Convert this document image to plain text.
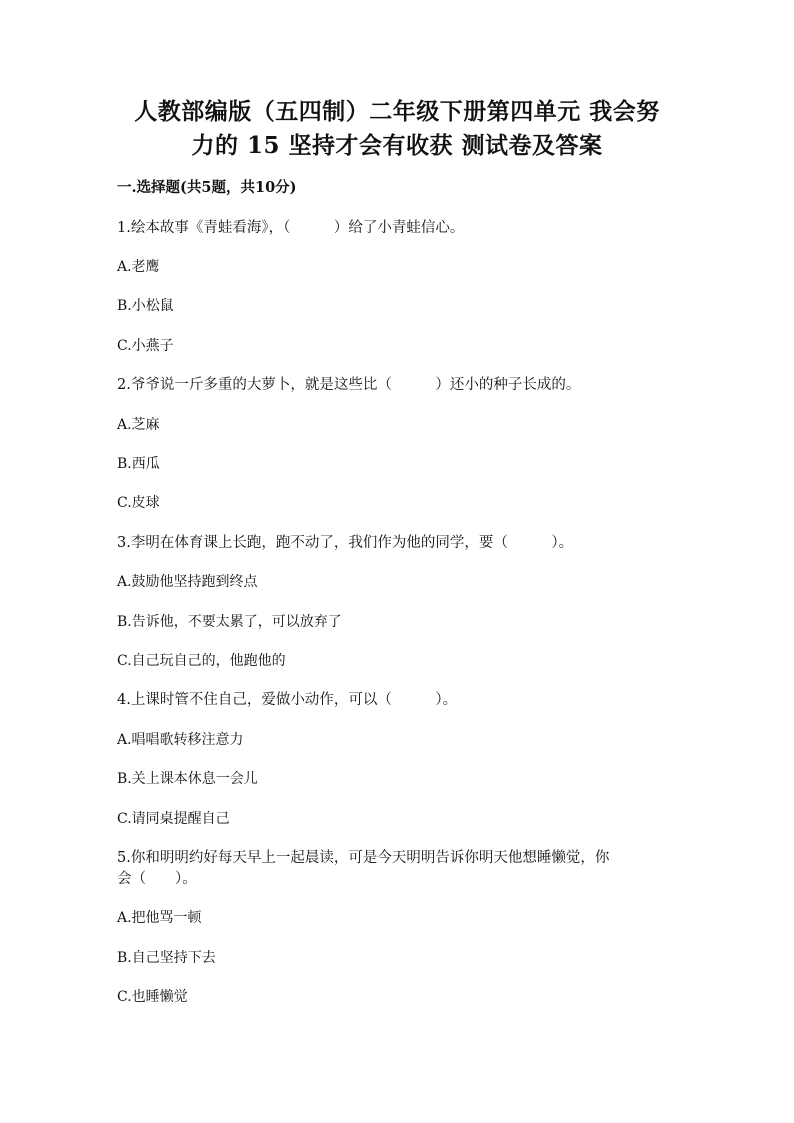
人教部编版（五四制）二年级下册第四单元 我会努
力的 15 坚持才会有收获 测试卷及答案
一.选择题(共5题，共10分)
1.绘本故事《青蛙看海》，（　　　）给了小青蛙信心。
A.老鹰
B.小松鼠
C.小燕子
2.爷爷说一斤多重的大萝卜，就是这些比（　　　）还小的种子长成的。
A.芝麻
B.西瓜
C.皮球
3.李明在体育课上长跑，跑不动了，我们作为他的同学，要（　　　）。
A.鼓励他坚持跑到终点
B.告诉他，不要太累了，可以放弃了
C.自己玩自己的，他跑他的
4.上课时管不住自己，爱做小动作，可以（　　　）。
A.唱唱歌转移注意力
B.关上课本休息一会儿
C.请同桌提醒自己
5.你和明明约好每天早上一起晨读，可是今天明明告诉你明天他想睡懒觉，你
会（　　）。
A.把他骂一顿
B.自己坚持下去
C.也睡懒觉
